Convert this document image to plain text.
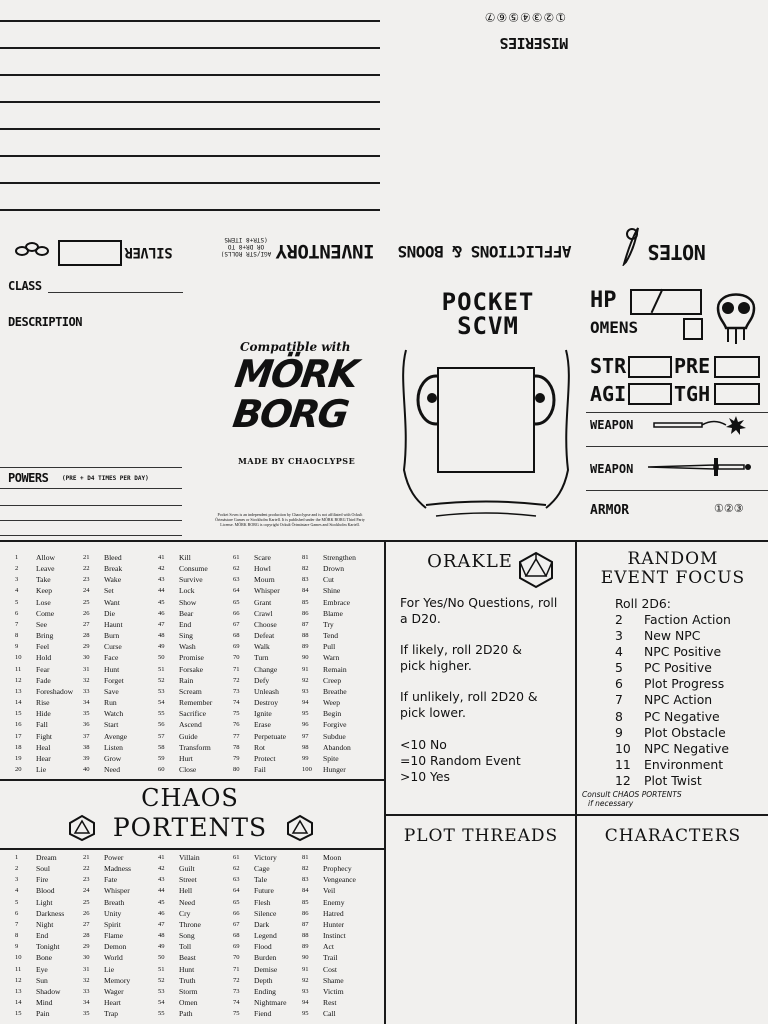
①②③④⑤⑥⑦
MISERIES
SILVER	AGI/STR ROLLS)
OR DR+8 TO
(STR+8 ITEMS
INVENTORY AFFLICTIONS & BOONS	NOTES
CLASS
DESCRIPTION
POWERS (PRE + D4 TIMES PER DAY)
Compatible with
MÖRK
BORG
MADE BY CHAOCLYPSE
Pocket Scvm is an independent production by Chaoclypse and is not affiliated with Ockult Örtmästare Games or Stockholm Kartell. It is published under the MÖRK BORG Third Party License. MÖRK BORG is copyright Ockult Örtmästare Games and Stockholm Kartell.
POCKET
SCVM
HP
OMENS
STR PRE
AGI TGH
WEAPON
WEAPON
ARMOR	①②③
1	Allow
2	Leave
3	Take
4	Keep
5	Lose
6	Come
7	See
8	Bring
9	Feel
10	Hold
11	Fear
12	Fade
13	Foreshadow
14	Rise
15	Hide
16	Fall
17	Fight
18	Heal
19	Hear
20	Lie
21	Bleed
22	Break
23	Wake
24	Set
25	Want
26	Die
27	Haunt
28	Burn
29	Curse
30	Face
31	Hunt
32	Forget
33	Save
34	Run
35	Watch
36	Start
37	Avenge
38	Listen
39	Grow
40	Need
41	Kill
42	Consume
43	Survive
44	Lock
45	Show
46	Bear
47	End
48	Sing
49	Wash
50	Promise
51	Forsake
52	Rain
53	Scream
54	Remember
55	Sacrifice
56	Ascend
57	Guide
58	Transform
59	Hurt
60	Close
61	Scare
62	Howl
63	Mourn
64	Whisper
65	Grant
66	Crawl
67	Choose
68	Defeat
69	Walk
70	Turn
71	Change
72	Defy
73	Unleash
74	Destroy
75	Ignite
76	Erase
77	Perpetuate
78	Rot
79	Protect
80	Fail
81	Strengthen
82	Drown
83	Cut
84	Shine
85	Embrace
86	Blame
87	Try
88	Tend
89	Pull
90	Warn
91	Remain
92	Creep
93	Breathe
94	Weep
95	Begin
96	Forgive
97	Subdue
98	Abandon
99	Spite
100	Hunger
CHAOS
PORTENTS
1	Dream
2	Soul
3	Fire
4	Blood
5	Light
6	Darkness
7	Night
8	End
9	Tonight
10	Bone
11	Eye
12	Sun
13	Shadow
14	Mind
15	Pain
21	Power
22	Madness
23	Fate
24	Whisper
25	Breath
26	Unity
27	Spirit
28	Flame
29	Demon
30	World
31	Lie
32	Memory
33	Wager
34	Heart
35	Trap
41	Villain
42	Guilt
43	Street
44	Hell
45	Need
46	Cry
47	Throne
48	Song
49	Toll
50	Beast
51	Hunt
52	Truth
53	Storm
54	Omen
55	Path
61	Victory
62	Cage
63	Tale
64	Future
65	Flesh
66	Silence
67	Dark
68	Legend
69	Flood
70	Burden
71	Demise
72	Depth
73	Ending
74	Nightmare
75	Fiend
81	Moon
82	Prophecy
83	Vengeance
84	Veil
85	Enemy
86	Hatred
87	Hunter
88	Instinct
89	Act
90	Trail
91	Cost
92	Shame
93	Victim
94	Rest
95	Call
ORAKLE
For Yes/No Questions, roll a D20.
If likely, roll 2D20 & pick higher.
If unlikely, roll 2D20 & pick lower.
<10 No
=10 Random Event
>10 Yes
RANDOM
EVENT FOCUS
Roll 2D6:
2	Faction Action
3	New NPC
4	NPC Positive
5	PC Positive
6	Plot Progress
7	NPC Action
8	PC Negative
9	Plot Obstacle
10	NPC Negative
11	Environment
12	Plot Twist
Consult CHAOS PORTENTS
if necessary
PLOT THREADS	CHARACTERS
